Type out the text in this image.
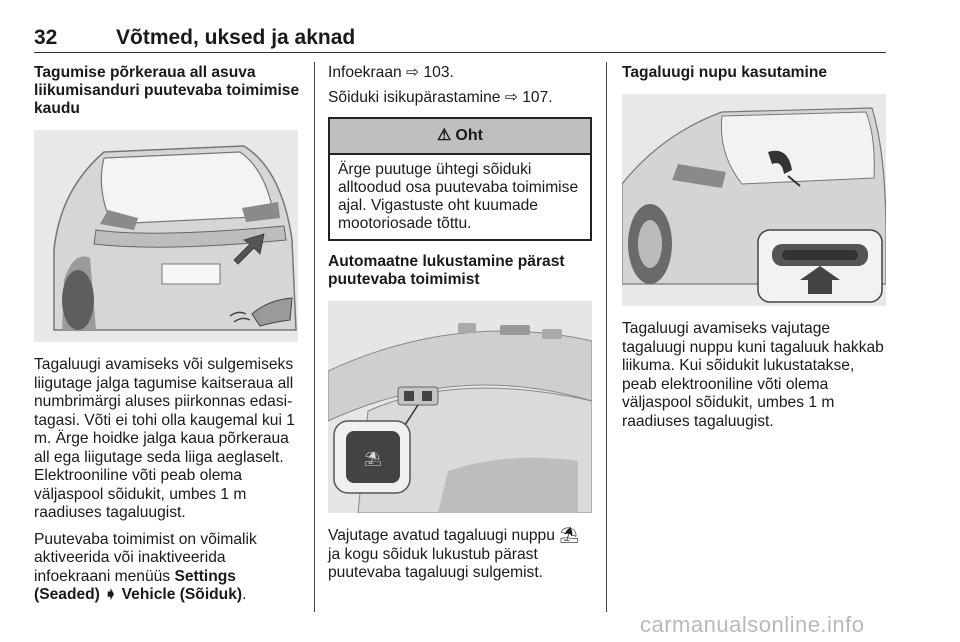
32	Võtmed, uksed ja aknad
Tagumise põrkeraua all asuva liikumisanduri puutevaba toimimise kaudu
Tagaluugi avamiseks või sulgemiseks liigutage jalga tagumise kaitseraua all numbrimärgi aluses piirkonnas edasi-tagasi. Võti ei tohi olla kaugemal kui 1 m. Ärge hoidke jalga kaua põrkeraua all ega liigutage seda liiga aeglaselt. Elektrooniline võti peab olema väljaspool sõidukit, umbes 1 m raadiuses tagaluugist.
Puutevaba toimimist on võimalik aktiveerida või inaktiveerida infoekraani menüüs Settings (Seaded) ➧ Vehicle (Sõiduk).
Infoekraan ⇨ 103.
Sõiduki isikupärastamine ⇨ 107.
⚠ Oht
Ärge puutuge ühtegi sõiduki alltoodud osa puutevaba toimimise ajal. Vigastuste oht kuumade mootoriosade tõttu.
Automaatne lukustamine pärast puutevaba toimimist
⛱
Vajutage avatud tagaluugi nuppu ⛱ ja kogu sõiduk lukustub pärast puutevaba tagaluugi sulgemist.
Tagaluugi nupu kasutamine
Tagaluugi avamiseks vajutage tagaluugi nuppu kuni tagaluuk hakkab liikuma. Kui sõidukit lukustatakse, peab elektrooniline võti olema väljaspool sõidukit, umbes 1 m raadiuses tagaluugist.
carmanualsonline.info
